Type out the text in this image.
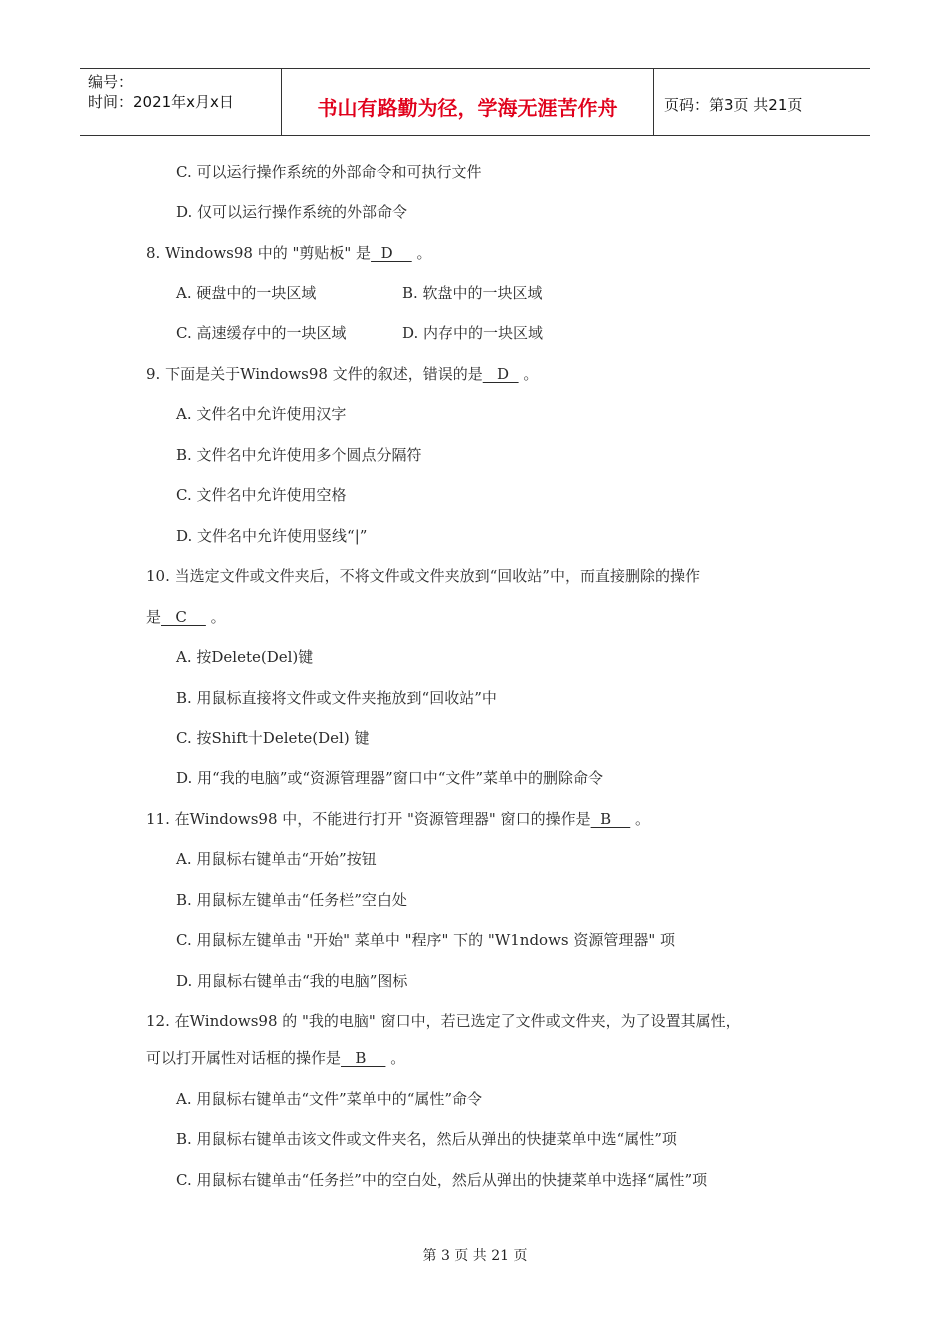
编号：
时间：2021年x月x日	书山有路勤为径，学海无涯苦作舟	页码：第3页 共21页
C. 可以运行操作系统的外部命令和可执行文件
D. 仅可以运行操作系统的外部命令
8. Windows98 中的 "剪贴板" 是  D     。
A. 硬盘中的一块区域	B. 软盘中的一块区域
C. 高速缓存中的一块区域	D. 内存中的一块区域
9. 下面是关于Windows98 文件的叙述，错误的是   D   。
A. 文件名中允许使用汉字
B. 文件名中允许使用多个圆点分隔符
C. 文件名中允许使用空格
D. 文件名中允许使用竖线“|”
10. 当选定文件或文件夹后，不将文件或文件夹放到“回收站”中，而直接删除的操作
是   C     。
A. 按Delete(Del)键
B. 用鼠标直接将文件或文件夹拖放到“回收站”中
C. 按Shift十Delete(Del) 键
D. 用“我的电脑”或“资源管理器”窗口中“文件”菜单中的删除命令
11. 在Windows98 中，不能进行打开 "资源管理器" 窗口的操作是  B     。
A. 用鼠标右键单击“开始”按钮
B. 用鼠标左键单击“任务栏”空白处
C. 用鼠标左键单击 "开始" 菜单中 "程序" 下的 "W1ndows 资源管理器" 项
D. 用鼠标右键单击“我的电脑”图标
12. 在Windows98 的 "我的电脑" 窗口中，若已选定了文件或文件夹，为了设置其属性，
可以打开属性对话框的操作是   B     。
A. 用鼠标右键单击“文件”菜单中的“属性”命令
B. 用鼠标右键单击该文件或文件夹名，然后从弹出的快捷菜单中选“属性”项
C. 用鼠标右键单击“任务拦”中的空白处，然后从弹出的快捷菜单中选择“属性”项
第 3 页 共 21 页
